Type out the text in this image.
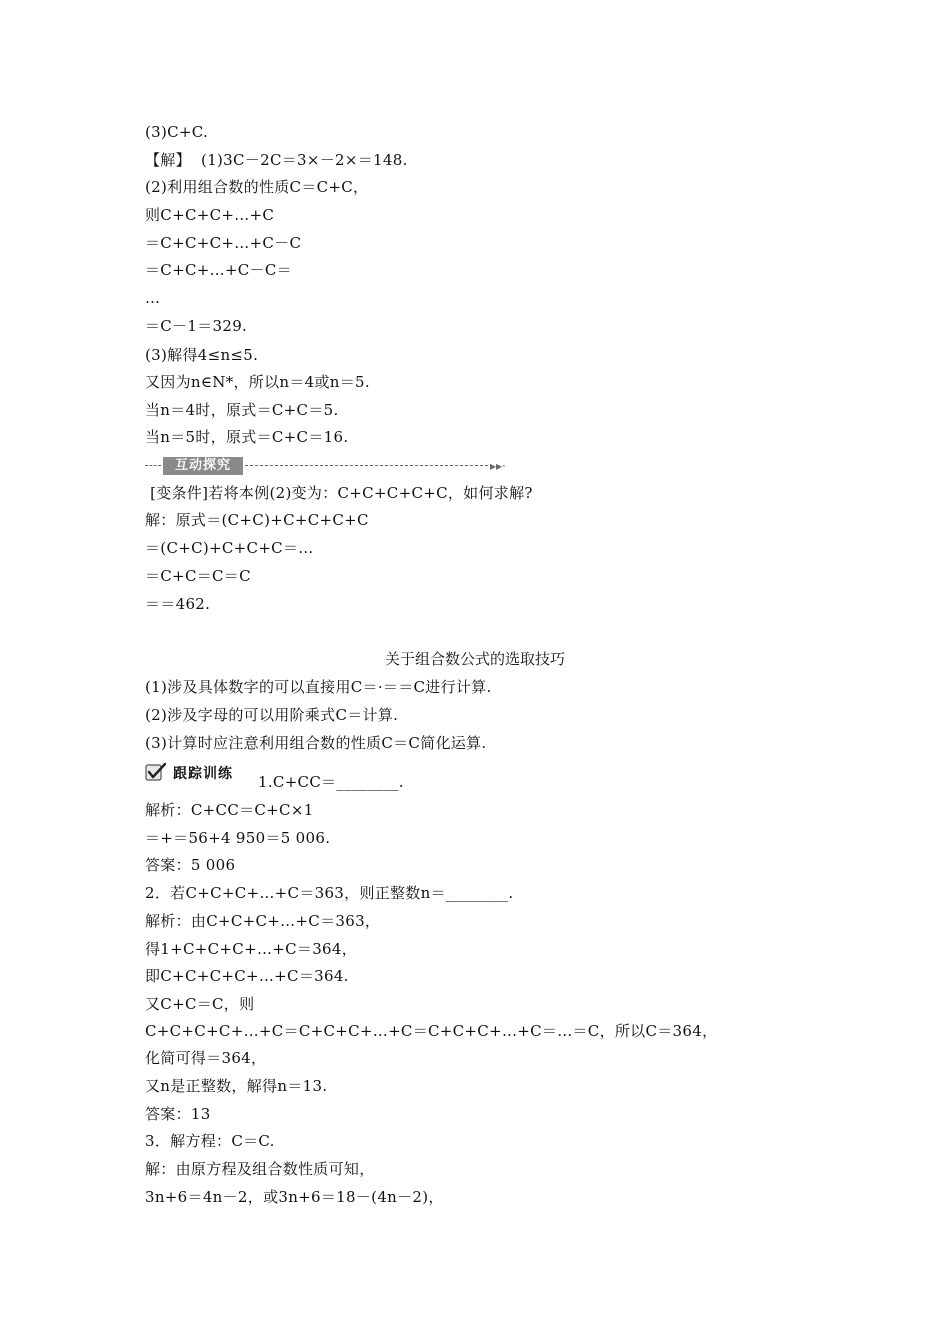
(3)C+C.
【解】  (1)3C－2C＝3×－2×＝148.
(2)利用组合数的性质C＝C+C，
则C+C+C+…+C
＝C+C+C+…+C－C
＝C+C+…+C－C＝
…
＝C－1＝329.
(3)解得4≤n≤5.
又因为n∈N*，所以n＝4或n＝5.
当n＝4时，原式＝C+C＝5.
当n＝5时，原式＝C+C＝16.
互动探究	▸▸·
[变条件]若将本例(2)变为：C+C+C+C+C，如何求解?
解：原式＝(C+C)+C+C+C+C
＝(C+C)+C+C+C＝…
＝C+C＝C＝C
＝＝462.
关于组合数公式的选取技巧
(1)涉及具体数字的可以直接用C＝·＝＝C进行计算.
(2)涉及字母的可以用阶乘式C＝计算.
(3)计算时应注意利用组合数的性质C＝C简化运算.
跟踪训练 1.C+CC＝________.
解析：C+CC＝C+C×1
＝+＝56+4 950＝5 006.
答案：5 006
2．若C+C+C+…+C＝363，则正整数n＝________.
解析：由C+C+C+…+C＝363，
得1+C+C+C+…+C＝364，
即C+C+C+C+…+C＝364.
又C+C＝C，则
C+C+C+C+…+C＝C+C+C+…+C＝C+C+C+…+C＝…＝C，所以C＝364，
化简可得＝364，
又n是正整数，解得n＝13.
答案：13
3．解方程：C＝C.
解：由原方程及组合数性质可知，
3n+6＝4n－2，或3n+6＝18－(4n－2)，
